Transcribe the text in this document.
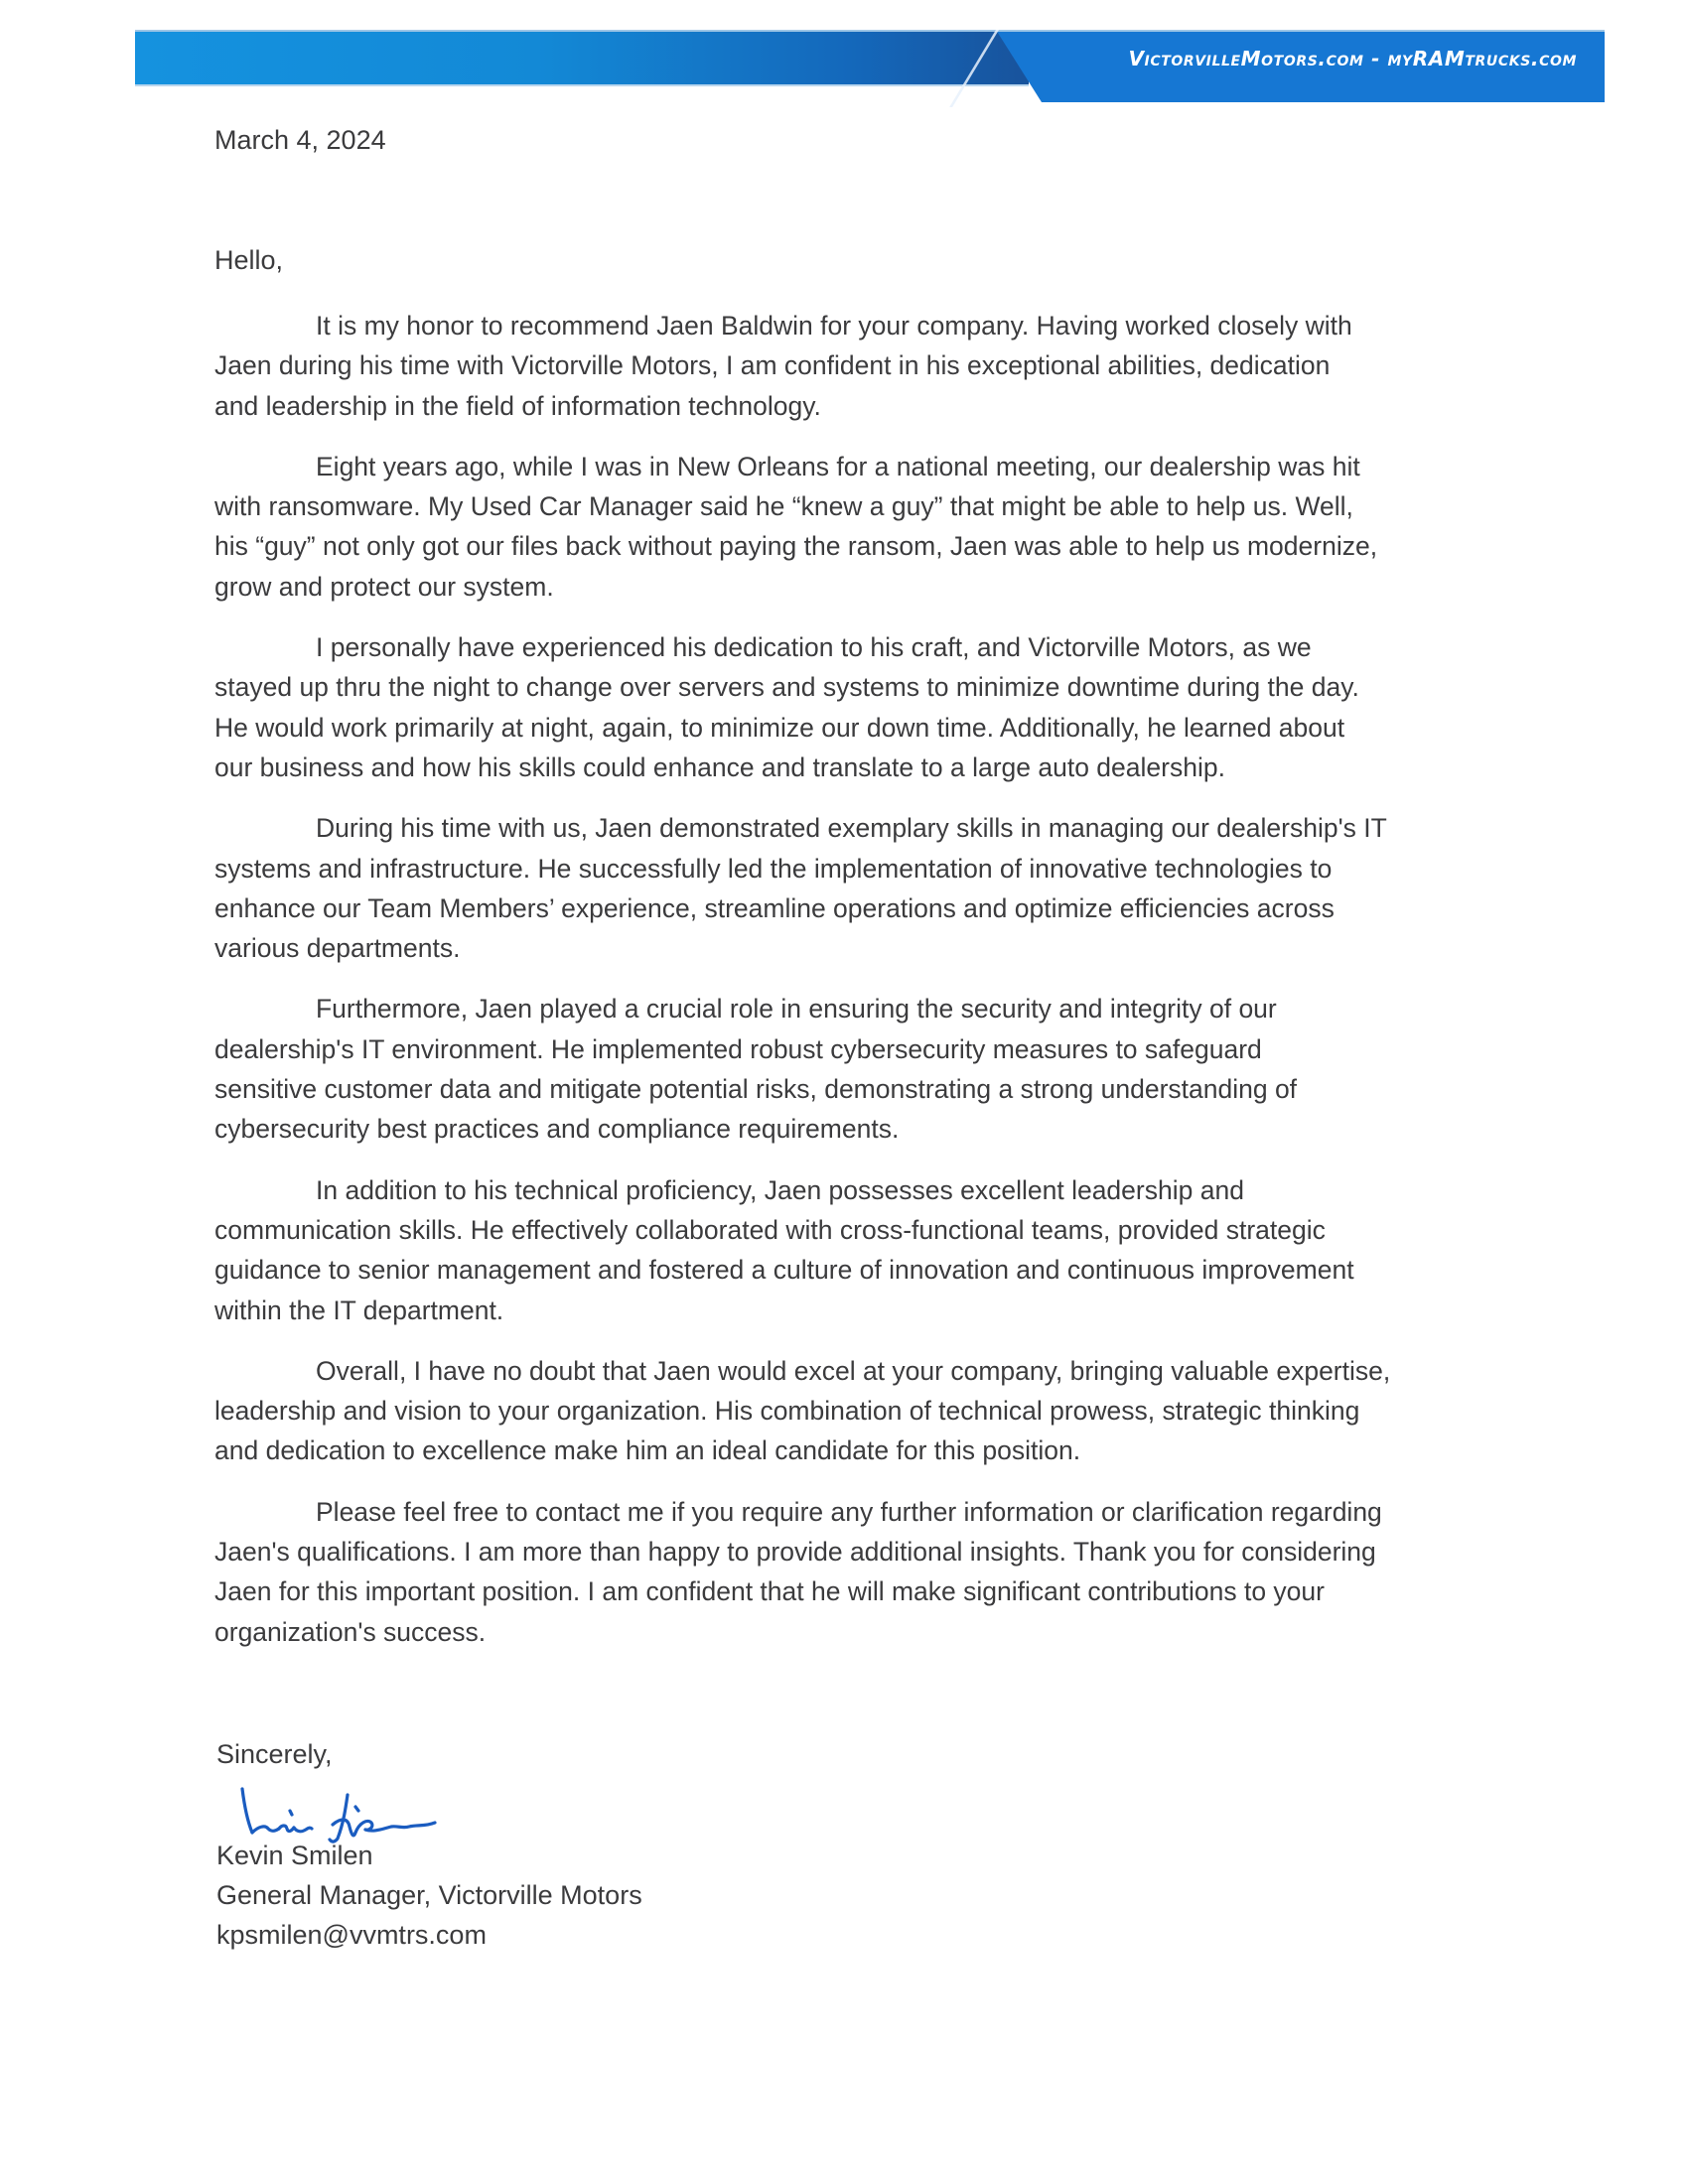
VictorvilleMotors.com - myRAMtrucks.com
March 4, 2024
Hello,

It is my honor to recommend Jaen Baldwin for your company. Having worked closely with
Jaen during his time with Victorville Motors, I am confident in his exceptional abilities, dedication
and leadership in the field of information technology.

Eight years ago, while I was in New Orleans for a national meeting, our dealership was hit
with ransomware. My Used Car Manager said he “knew a guy” that might be able to help us. Well,
his “guy” not only got our files back without paying the ransom, Jaen was able to help us modernize,
grow and protect our system.

I personally have experienced his dedication to his craft, and Victorville Motors, as we
stayed up thru the night to change over servers and systems to minimize downtime during the day.
He would work primarily at night, again, to minimize our down time. Additionally, he learned about
our business and how his skills could enhance and translate to a large auto dealership.

During his time with us, Jaen demonstrated exemplary skills in managing our dealership's IT
systems and infrastructure. He successfully led the implementation of innovative technologies to
enhance our Team Members’ experience, streamline operations and optimize efficiencies across
various departments.

Furthermore, Jaen played a crucial role in ensuring the security and integrity of our
dealership's IT environment. He implemented robust cybersecurity measures to safeguard
sensitive customer data and mitigate potential risks, demonstrating a strong understanding of
cybersecurity best practices and compliance requirements.

In addition to his technical proficiency, Jaen possesses excellent leadership and
communication skills. He effectively collaborated with cross-functional teams, provided strategic
guidance to senior management and fostered a culture of innovation and continuous improvement
within the IT department.

Overall, I have no doubt that Jaen would excel at your company, bringing valuable expertise,
leadership and vision to your organization. His combination of technical prowess, strategic thinking
and dedication to excellence make him an ideal candidate for this position.

Please feel free to contact me if you require any further information or clarification regarding
Jaen's qualifications. I am more than happy to provide additional insights. Thank you for considering
Jaen for this important position. I am confident that he will make significant contributions to your
organization's success.

Sincerely,
Kevin Smilen
General Manager, Victorville Motors
kpsmilen@vvmtrs.com
